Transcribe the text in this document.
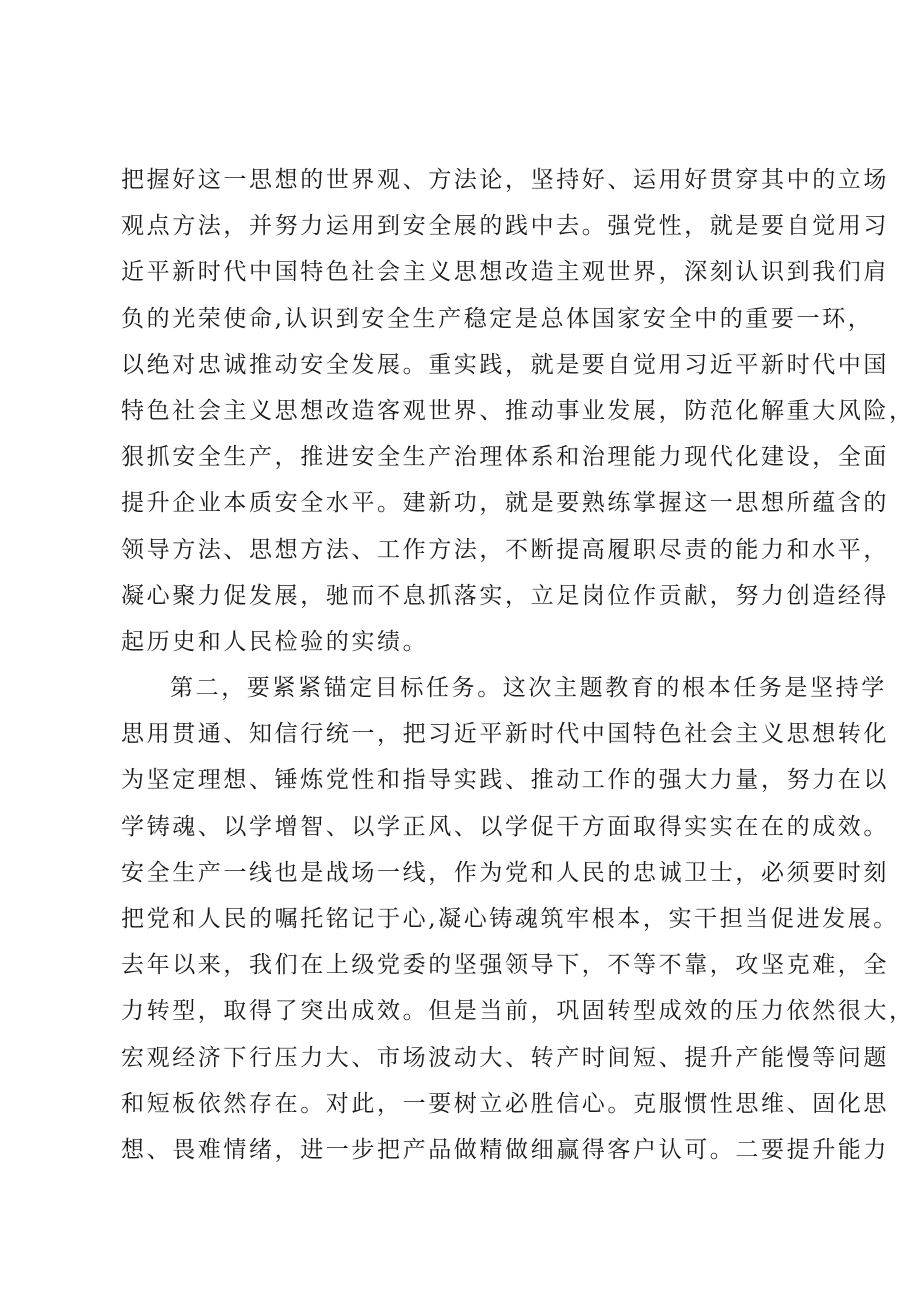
把握好这一思想的世界观、方法论，坚持好、运用好贯穿其中的立场
观点方法，并努力运用到安全展的践中去。强党性，就是要自觉用习
近平新时代中国特色社会主义思想改造主观世界，深刻认识到我们肩
负的光荣使命,认识到安全生产稳定是总体国家安全中的重要一环，
以绝对忠诚推动安全发展。重实践，就是要自觉用习近平新时代中国
特色社会主义思想改造客观世界、推动事业发展，防范化解重大风险，
狠抓安全生产，推进安全生产治理体系和治理能力现代化建设，全面
提升企业本质安全水平。建新功，就是要熟练掌握这一思想所蕴含的
领导方法、思想方法、工作方法，不断提高履职尽责的能力和水平，
凝心聚力促发展，驰而不息抓落实，立足岗位作贡献，努力创造经得
起历史和人民检验的实绩。
第二，要紧紧锚定目标任务。这次主题教育的根本任务是坚持学
思用贯通、知信行统一，把习近平新时代中国特色社会主义思想转化
为坚定理想、锤炼党性和指导实践、推动工作的强大力量，努力在以
学铸魂、以学增智、以学正风、以学促干方面取得实实在在的成效。
安全生产一线也是战场一线，作为党和人民的忠诚卫士，必须要时刻
把党和人民的嘱托铭记于心,凝心铸魂筑牢根本，实干担当促进发展。
去年以来，我们在上级党委的坚强领导下，不等不靠，攻坚克难，全
力转型，取得了突出成效。但是当前，巩固转型成效的压力依然很大，
宏观经济下行压力大、市场波动大、转产时间短、提升产能慢等问题
和短板依然存在。对此，一要树立必胜信心。克服惯性思维、固化思
想、畏难情绪，进一步把产品做精做细赢得客户认可。二要提升能力
